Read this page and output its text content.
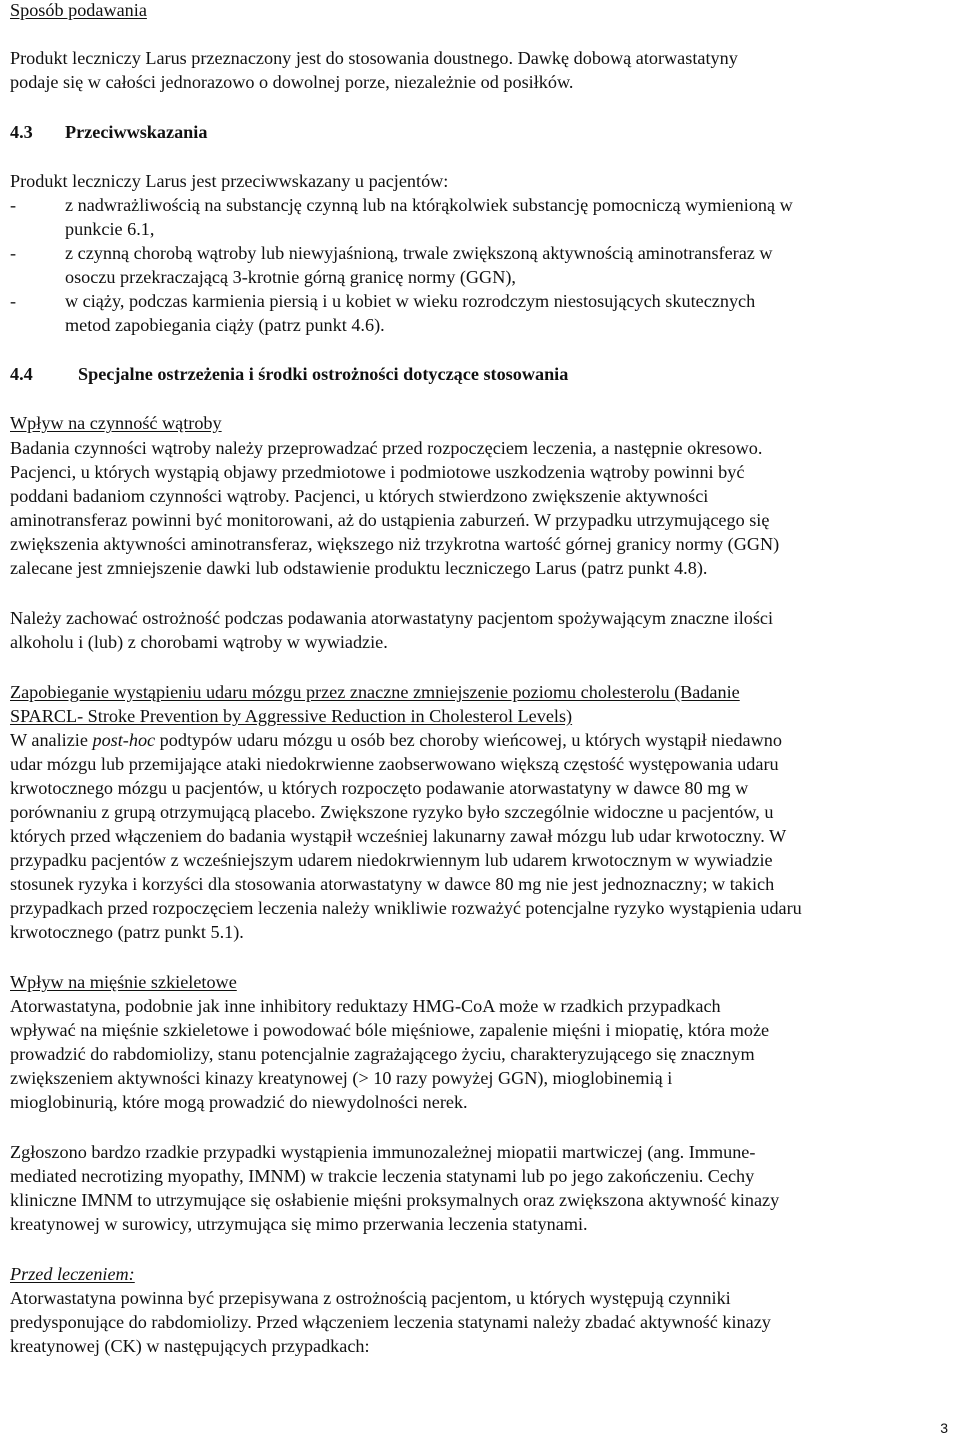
Sposób podawania
Produkt leczniczy Larus przeznaczony jest do stosowania doustnego. Dawkę dobową atorwastatyny
podaje się w całości jednorazowo o dowolnej porze, niezależnie od posiłków.
4.3 Przeciwwskazania
Produkt leczniczy Larus jest przeciwwskazany u pacjentów:
-	z nadwrażliwością na substancję czynną lub na którąkolwiek substancję pomocniczą wymienioną w
punkcie 6.1,
-	z czynną chorobą wątroby lub niewyjaśnioną, trwale zwiększoną aktywnością aminotransferaz w
osoczu przekraczającą 3-krotnie górną granicę normy (GGN),
-	w ciąży, podczas karmienia piersią i u kobiet w wieku rozrodczym niestosujących skutecznych
metod zapobiegania ciąży (patrz punkt 4.6).
4.4 Specjalne ostrzeżenia i środki ostrożności dotyczące stosowania
Wpływ na czynność wątroby
Badania czynności wątroby należy przeprowadzać przed rozpoczęciem leczenia, a następnie okresowo.
Pacjenci, u których wystąpią objawy przedmiotowe i podmiotowe uszkodzenia wątroby powinni być
poddani badaniom czynności wątroby. Pacjenci, u których stwierdzono zwiększenie aktywności
aminotransferaz powinni być monitorowani, aż do ustąpienia zaburzeń. W przypadku utrzymującego się
zwiększenia aktywności aminotransferaz, większego niż trzykrotna wartość górnej granicy normy (GGN)
zalecane jest zmniejszenie dawki lub odstawienie produktu leczniczego Larus (patrz punkt 4.8).
Należy zachować ostrożność podczas podawania atorwastatyny pacjentom spożywającym znaczne ilości
alkoholu i (lub) z chorobami wątroby w wywiadzie.
Zapobieganie wystąpieniu udaru mózgu przez znaczne zmniejszenie poziomu cholesterolu (Badanie
SPARCL- Stroke Prevention by Aggressive Reduction in Cholesterol Levels)
W analizie post-hoc podtypów udaru mózgu u osób bez choroby wieńcowej, u których wystąpił niedawno
udar mózgu lub przemijające ataki niedokrwienne zaobserwowano większą częstość występowania udaru
krwotocznego mózgu u pacjentów, u których rozpoczęto podawanie atorwastatyny w dawce 80 mg w
porównaniu z grupą otrzymującą placebo. Zwiększone ryzyko było szczególnie widoczne u pacjentów, u
których przed włączeniem do badania wystąpił wcześniej lakunarny zawał mózgu lub udar krwotoczny. W
przypadku pacjentów z wcześniejszym udarem niedokrwiennym lub udarem krwotocznym w wywiadzie
stosunek ryzyka i korzyści dla stosowania atorwastatyny w dawce 80 mg nie jest jednoznaczny; w takich
przypadkach przed rozpoczęciem leczenia należy wnikliwie rozważyć potencjalne ryzyko wystąpienia udaru
krwotocznego (patrz punkt 5.1).
Wpływ na mięśnie szkieletowe
Atorwastatyna, podobnie jak inne inhibitory reduktazy HMG-CoA może w rzadkich przypadkach
wpływać na mięśnie szkieletowe i powodować bóle mięśniowe, zapalenie mięśni i miopatię, która może
prowadzić do rabdomiolizy, stanu potencjalnie zagrażającego życiu, charakteryzującego się znacznym
zwiększeniem aktywności kinazy kreatynowej (> 10 razy powyżej GGN), mioglobinemią i
mioglobinurią, które mogą prowadzić do niewydolności nerek.
Zgłoszono bardzo rzadkie przypadki wystąpienia immunozależnej miopatii martwiczej (ang. Immune-
mediated necrotizing myopathy, IMNM) w trakcie leczenia statynami lub po jego zakończeniu. Cechy
kliniczne IMNM to utrzymujące się osłabienie mięśni proksymalnych oraz zwiększona aktywność kinazy
kreatynowej w surowicy, utrzymująca się mimo przerwania leczenia statynami.
Przed leczeniem:
Atorwastatyna powinna być przepisywana z ostrożnością pacjentom, u których występują czynniki
predysponujące do rabdomiolizy. Przed włączeniem leczenia statynami należy zbadać aktywność kinazy
kreatynowej (CK) w następujących przypadkach:
3
